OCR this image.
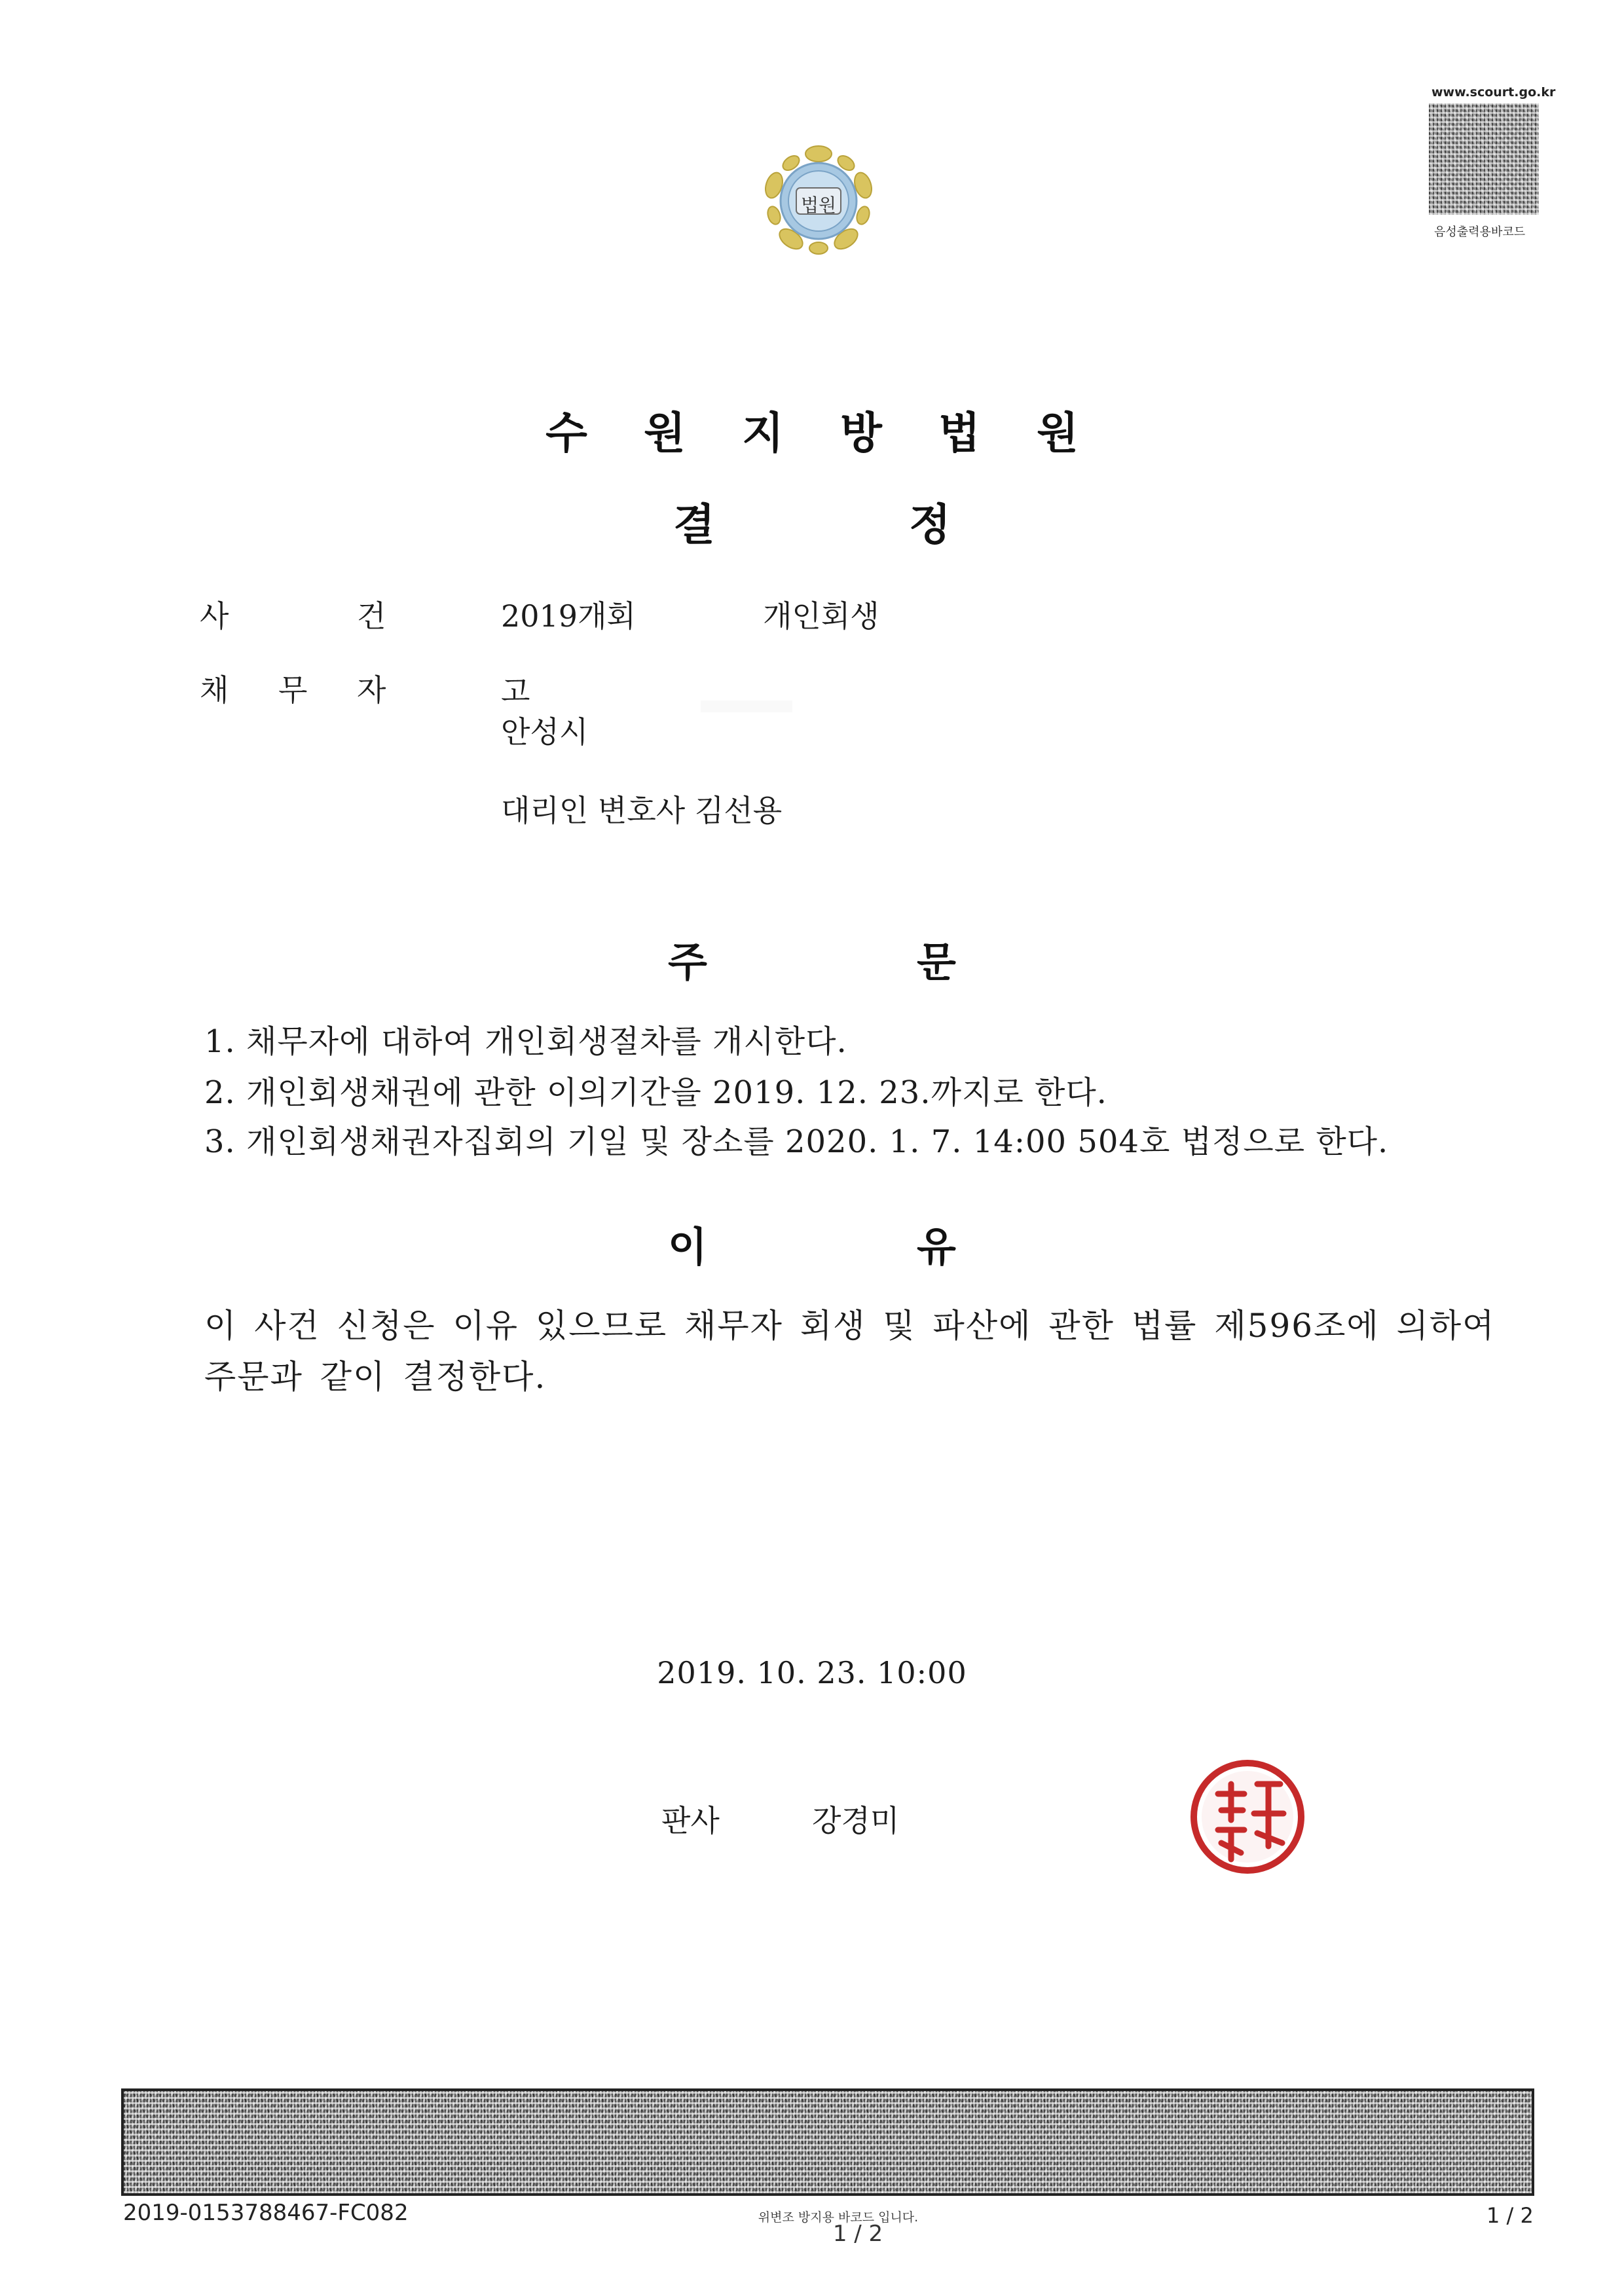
법원
www.scourt.go.kr
음성출력용바코드
수 원 지 방 법 원
결	정
사	건	2019개회	개인회생
채 무 자	고
안성시
대리인 변호사 김선용
주	문
1. 채무자에 대하여 개인회생절차를 개시한다.
2. 개인회생채권에 관한 이의기간을 2019. 12. 23.까지로 한다.
3. 개인회생채권자집회의 기일 및 장소를 2020. 1. 7. 14:00 504호 법정으로 한다.
이	유
이 사건 신청은 이유 있으므로 채무자 회생 및 파산에 관한 법률 제596조에 의하여
주문과 같이 결정한다.
2019. 10. 23. 10:00
판사	강경미
2019-0153788467-FC082	위변조 방지용 바코드 입니다.
1 / 2
1 / 2
